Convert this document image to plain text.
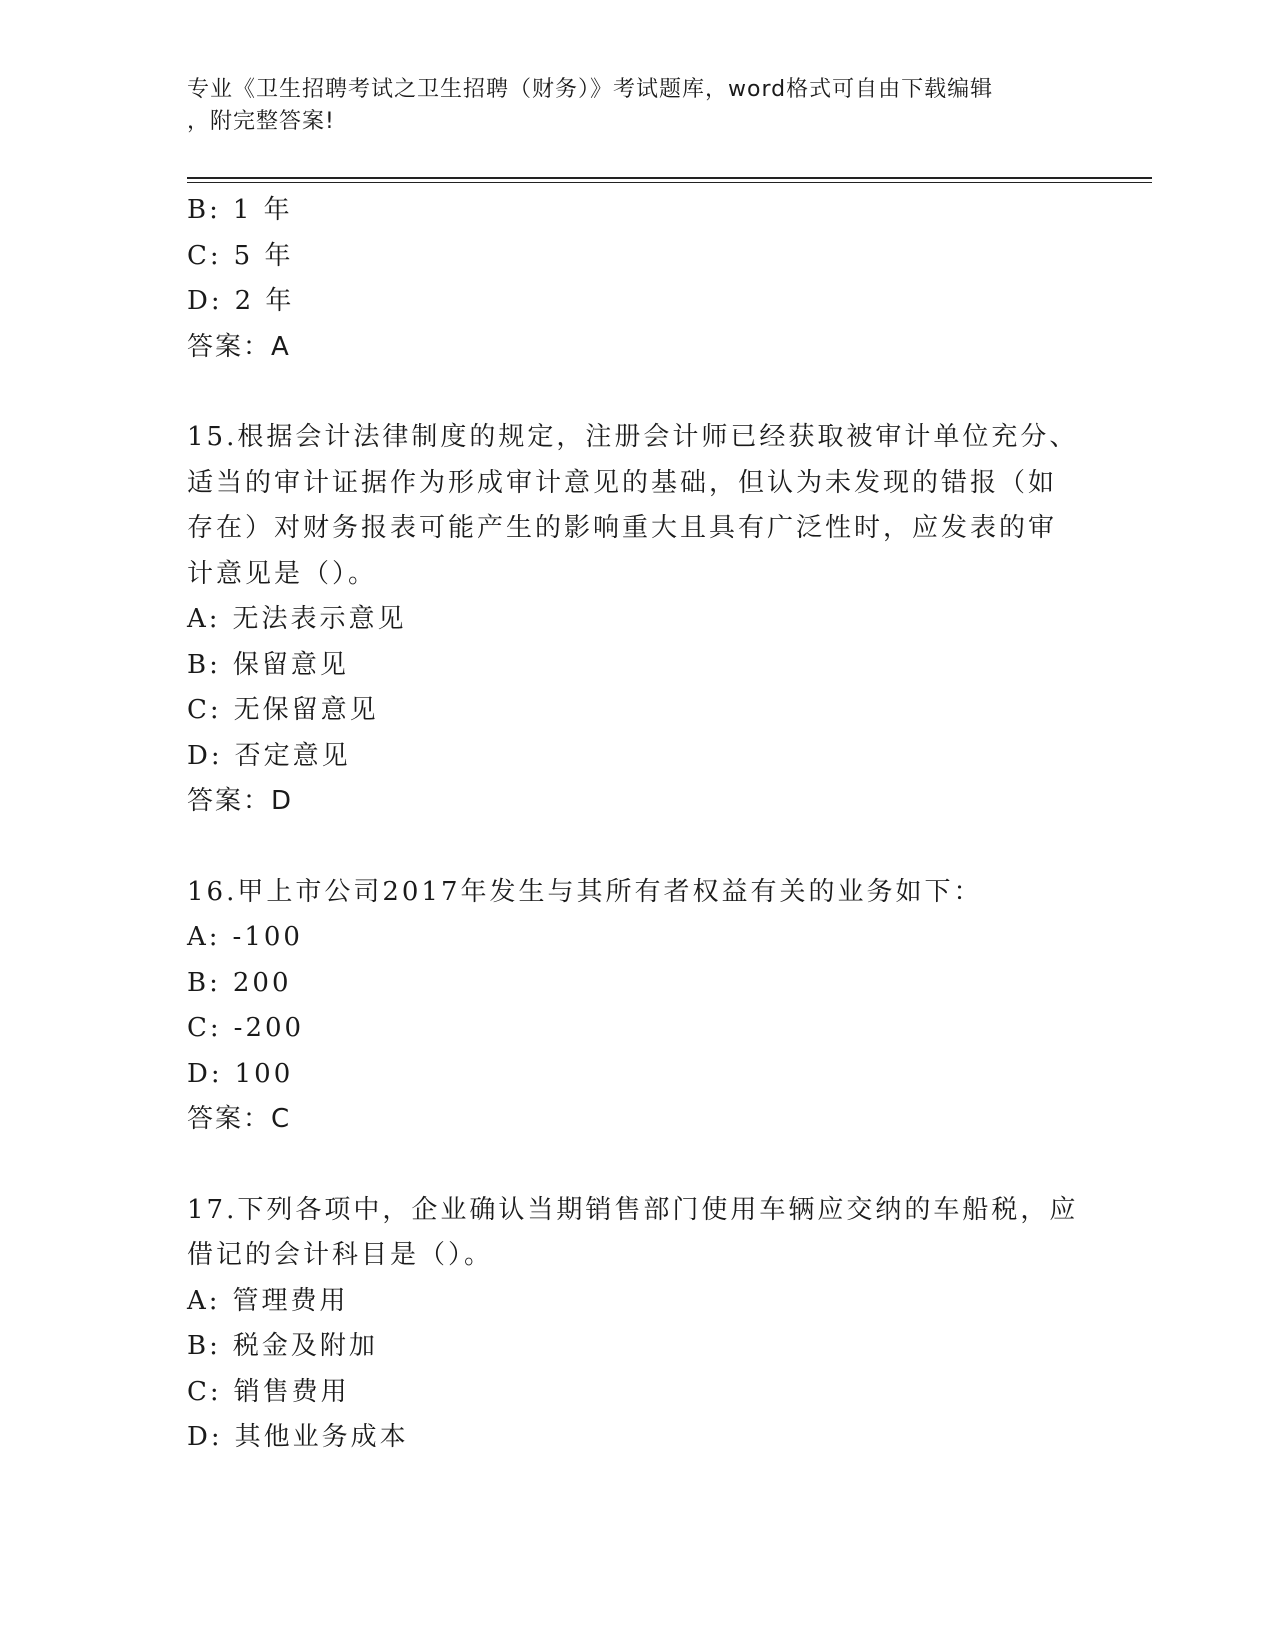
专业《卫生招聘考试之卫生招聘（财务）》考试题库，word格式可自由下载编辑
，附完整答案!
B: 1 年
C: 5 年
D: 2 年
答案：A
15.根据会计法律制度的规定，注册会计师已经获取被审计单位充分、
适当的审计证据作为形成审计意见的基础，但认为未发现的错报（如
存在）对财务报表可能产生的影响重大且具有广泛性时，应发表的审
计意见是（）。
A: 无法表示意见
B: 保留意见
C: 无保留意见
D: 否定意见
答案：D
16.甲上市公司2017年发生与其所有者权益有关的业务如下：
A: -100
B: 200
C: -200
D: 100
答案：C
17.下列各项中，企业确认当期销售部门使用车辆应交纳的车船税，应
借记的会计科目是（）。
A: 管理费用
B: 税金及附加
C: 销售费用
D: 其他业务成本
